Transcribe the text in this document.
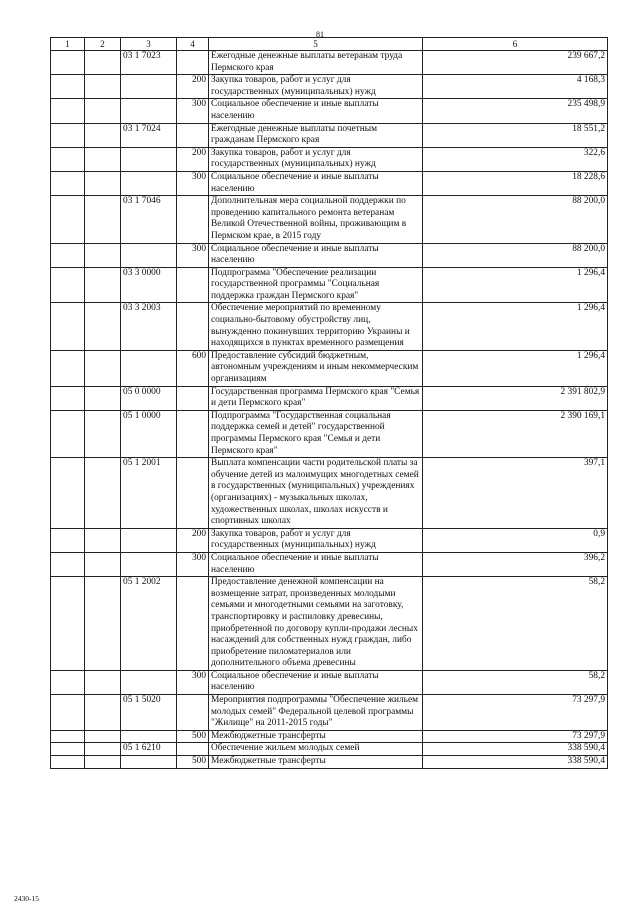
81
1	2	3	4	5	6
		03 1 7023		Ежегодные денежные выплаты ветеранам труда Пермского края	239 667,2
			200	Закупка товаров, работ и услуг для государственных (муниципальных) нужд	4 168,3
			300	Социальное обеспечение и иные выплаты населению	235 498,9
		03 1 7024		Ежегодные денежные выплаты почетным гражданам Пермского края	18 551,2
			200	Закупка товаров, работ и услуг для государственных (муниципальных) нужд	322,6
			300	Социальное обеспечение и иные выплаты населению	18 228,6
		03 1 7046		Дополнительная мера социальной поддержки по проведению капитального ремонта ветеранам Великой Отечественной войны, проживающим в Пермском крае, в 2015 году	88 200,0
			300	Социальное обеспечение и иные выплаты населению	88 200,0
		03 3 0000		Подпрограмма "Обеспечение реализации государственной программы "Социальная поддержка граждан Пермского края"	1 296,4
		03 3 2003		Обеспечение мероприятий по временному социально-бытовому обустройству лиц, вынужденно покинувших территорию Украины и находящихся в пунктах временного размещения	1 296,4
			600	Предоставление субсидий бюджетным, автономным учреждениям и иным некоммерческим организациям	1 296,4
		05 0 0000		Государственная программа Пермского края "Семья и дети Пермского края"	2 391 802,9
		05 1 0000		Подпрограмма "Государственная социальная поддержка семей и детей" государственной программы Пермского края "Семья и дети Пермского края"	2 390 169,1
		05 1 2001		Выплата компенсации части родительской платы за обучение детей из малоимущих многодетных семей в государственных (муниципальных) учреждениях (организациях) - музыкальных школах, художественных школах, школах искусств и спортивных школах	397,1
			200	Закупка товаров, работ и услуг для государственных (муниципальных) нужд	0,9
			300	Социальное обеспечение и иные выплаты населению	396,2
		05 1 2002		Предоставление денежной компенсации на возмещение затрат, произведенных молодыми семьями и многодетными семьями на заготовку, транспортировку и распиловку древесины, приобретенной по договору купли-продажи лесных насаждений для собственных нужд граждан, либо приобретение пиломатериалов или дополнительного объема древесины	58,2
			300	Социальное обеспечение и иные выплаты населению	58,2
		05 1 5020		Мероприятия подпрограммы "Обеспечение жильем молодых семей" Федеральной целевой программы "Жилище" на 2011-2015 годы"	73 297,9
			500	Межбюджетные трансферты	73 297,9
		05 1 6210		Обеспечение жильем молодых семей	338 590,4
			500	Межбюджетные трансферты	338 590,4
2430-15
